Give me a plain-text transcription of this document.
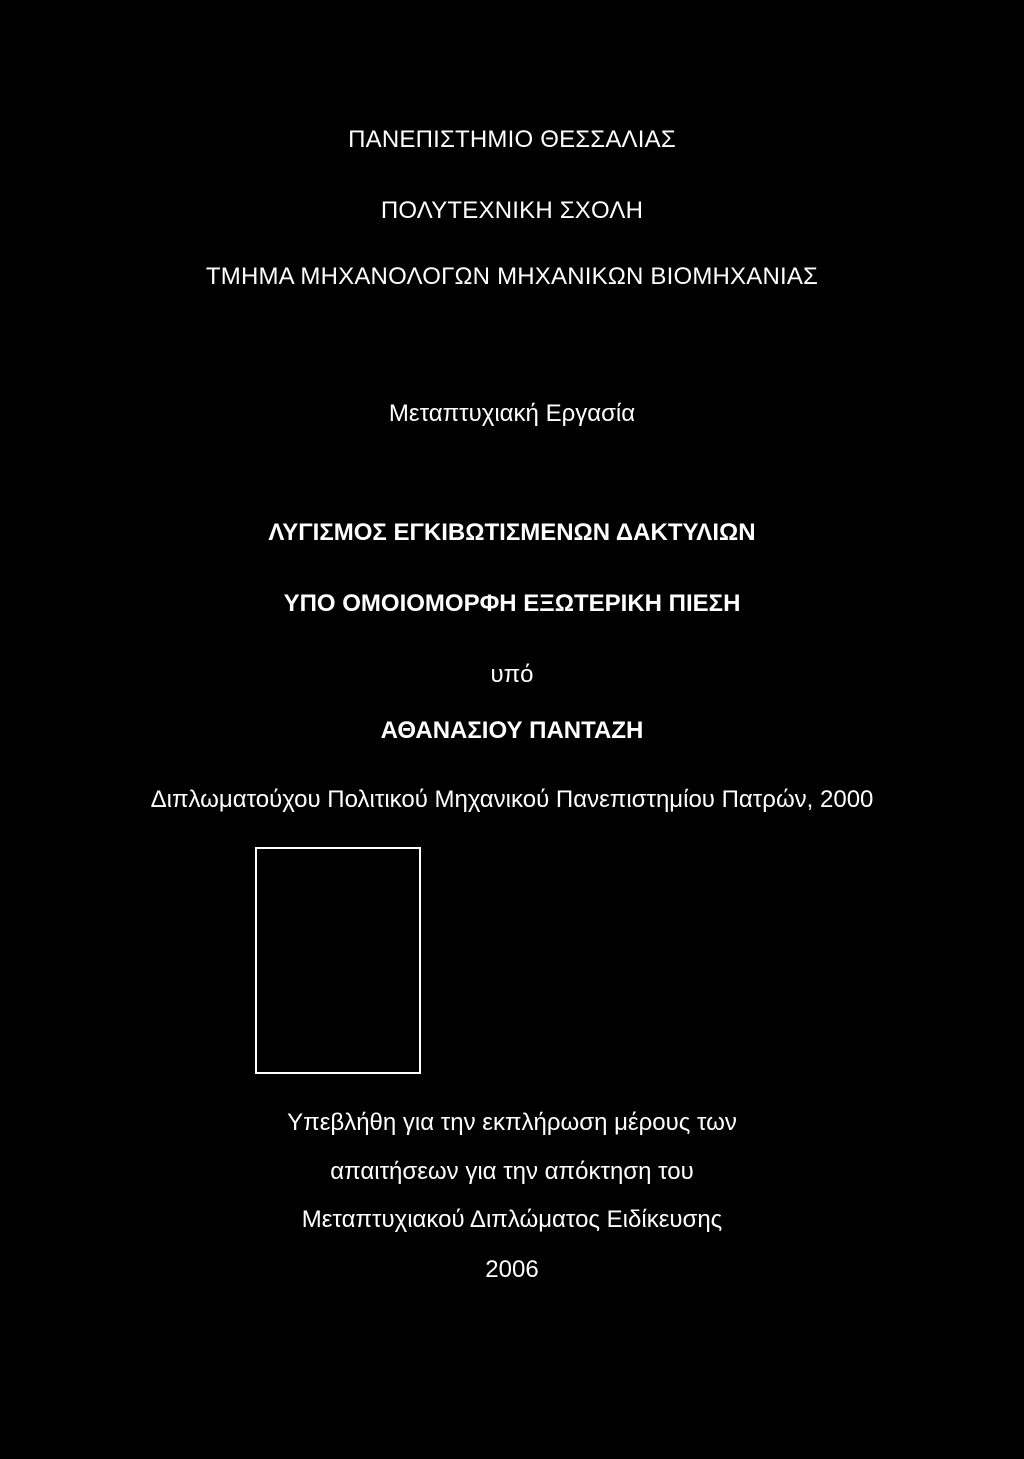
ΠΑΝΕΠΙΣΤΗΜΙΟ ΘΕΣΣΑΛΙΑΣ
ΠΟΛΥΤΕΧΝΙΚΗ ΣΧΟΛΗ
ΤΜΗΜΑ ΜΗΧΑΝΟΛΟΓΩΝ ΜΗΧΑΝΙΚΩΝ ΒΙΟΜΗΧΑΝΙΑΣ
Μεταπτυχιακή Εργασία
ΛΥΓΙΣΜΟΣ ΕΓΚΙΒΩΤΙΣΜΕΝΩΝ ΔΑΚΤΥΛΙΩΝ
ΥΠΟ ΟΜΟΙΟΜΟΡΦΗ ΕΞΩΤΕΡΙΚΗ ΠΙΕΣΗ
υπό
ΑΘΑΝΑΣΙΟΥ ΠΑΝΤΑΖΗ
Διπλωματούχου Πολιτικού Μηχανικού Πανεπιστημίου Πατρών, 2000
Υπεβλήθη για την εκπλήρωση μέρους των
απαιτήσεων για την απόκτηση του
Μεταπτυχιακού Διπλώματος Ειδίκευσης
2006
